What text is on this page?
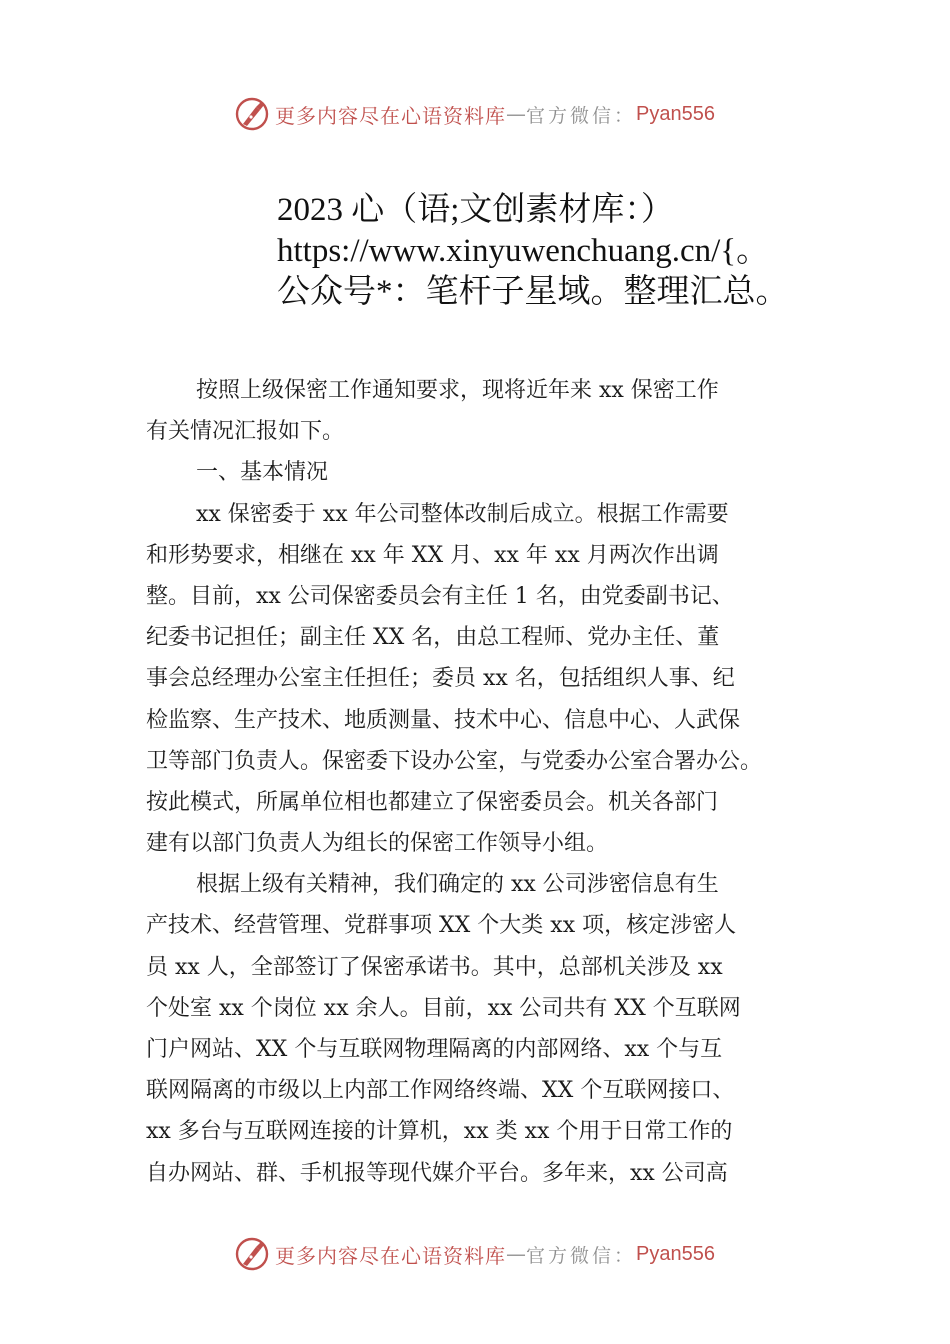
更多内容尽在心语资料库 — 官方微信： Pyan556
2023 心（语;文创素材库：）
https://www.xinyuwenchuang.cn/{。
公众号*：笔杆子星域。整理汇总。
按照上级保密工作通知要求，现将近年来 xx 保密工作
有关情况汇报如下。
一、基本情况
xx 保密委于 xx 年公司整体改制后成立。根据工作需要
和形势要求，相继在 xx 年 XX 月、xx 年 xx 月两次作出调
整。目前，xx 公司保密委员会有主任 1 名，由党委副书记、
纪委书记担任；副主任 XX 名，由总工程师、党办主任、董
事会总经理办公室主任担任；委员 xx 名，包括组织人事、纪
检监察、生产技术、地质测量、技术中心、信息中心、人武保
卫等部门负责人。保密委下设办公室，与党委办公室合署办公。
按此模式，所属单位相也都建立了保密委员会。机关各部门
建有以部门负责人为组长的保密工作领导小组。
根据上级有关精神，我们确定的 xx 公司涉密信息有生
产技术、经营管理、党群事项 XX 个大类 xx 项，核定涉密人
员 xx 人，全部签订了保密承诺书。其中，总部机关涉及 xx
个处室 xx 个岗位 xx 余人。目前，xx 公司共有 XX 个互联网
门户网站、XX 个与互联网物理隔离的内部网络、xx 个与互
联网隔离的市级以上内部工作网络终端、XX 个互联网接口、
xx 多台与互联网连接的计算机，xx 类 xx 个用于日常工作的
自办网站、群、手机报等现代媒介平台。多年来，xx 公司高
更多内容尽在心语资料库 — 官方微信： Pyan556
